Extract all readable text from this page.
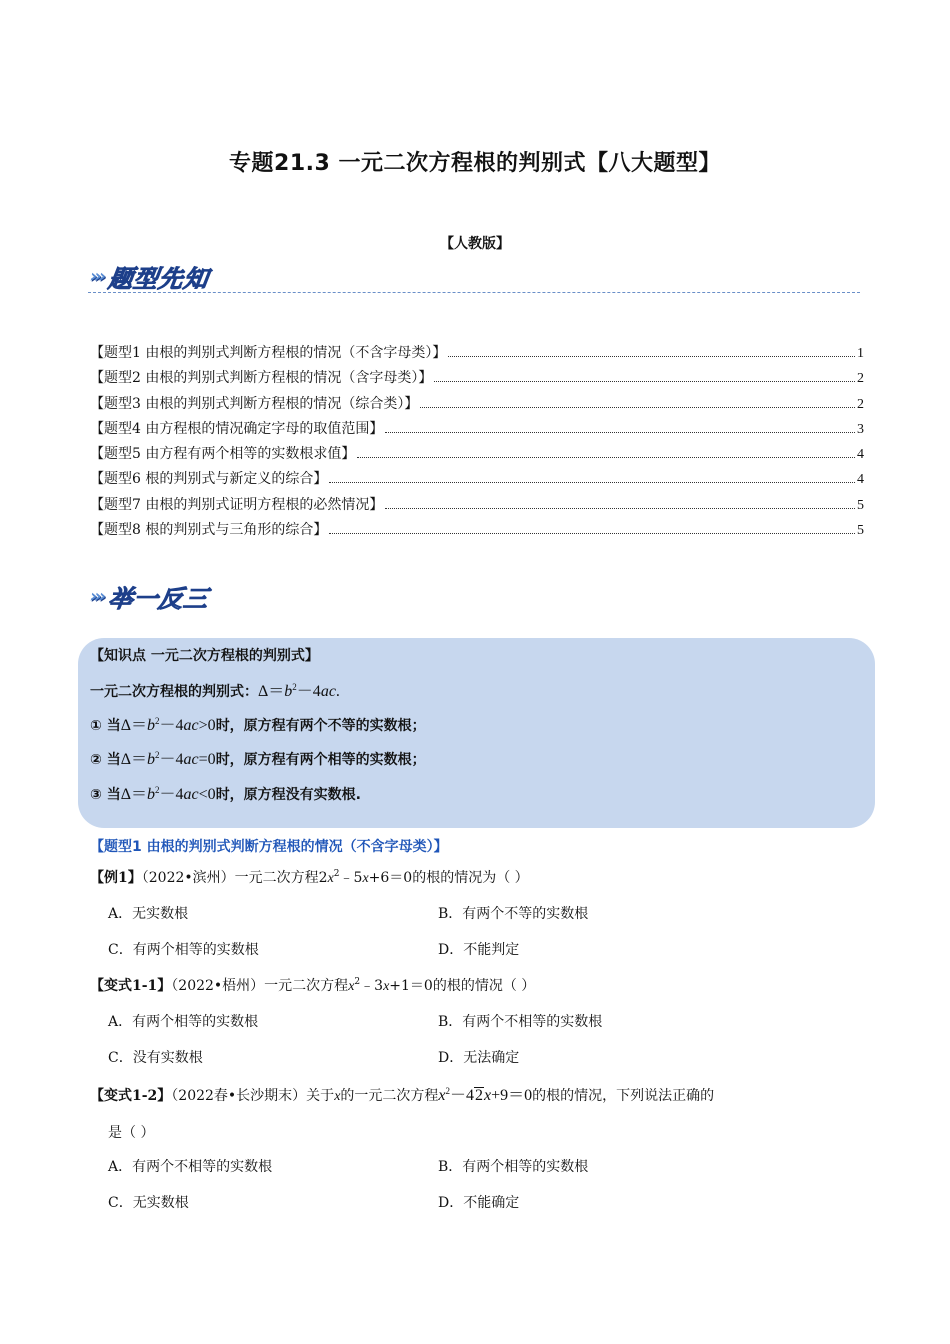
专题21.3 一元二次方程根的判别式【八大题型】
【人教版】
››› 题型先知
【题型1 由根的判别式判断方程根的情况（不含字母类）】	1
【题型2 由根的判别式判断方程根的情况（含字母类）】	2
【题型3 由根的判别式判断方程根的情况（综合类）】	2
【题型4 由方程根的情况确定字母的取值范围】	3
【题型5 由方程有两个相等的实数根求值】	4
【题型6 根的判别式与新定义的综合】	4
【题型7 由根的判别式证明方程根的必然情况】	5
【题型8 根的判别式与三角形的综合】	5
››› 举一反三
【知识点 一元二次方程根的判别式】
一元二次方程根的判别式：$\Delta=b^2-4ac$.
① 当$\Delta=b^2-4ac>0$时，原方程有两个不等的实数根；
② 当$\Delta=b^2-4ac=0$时，原方程有两个相等的实数根；
③ 当$\Delta=b^2-4ac<0$时，原方程没有实数根.
【题型1 由根的判别式判断方程根的情况（不含字母类）】
【例1】（2022•滨州）一元二次方程$2x^2﹣5x+6=0$的根的情况为（ ）
A．无实数根	B．有两个不等的实数根
C．有两个相等的实数根	D．不能判定
【变式1-1】（2022•梧州）一元二次方程$x^2﹣3x+1=0$的根的情况（ ）
A．有两个相等的实数根	B．有两个不相等的实数根
C．没有实数根	D．无法确定
【变式1-2】（2022春•长沙期末）关于x的一元二次方程$x^2-42x+9=0$的根的情况，下列说法正确的
是（ ）
A．有两个不相等的实数根	B．有两个相等的实数根
C．无实数根	D．不能确定
